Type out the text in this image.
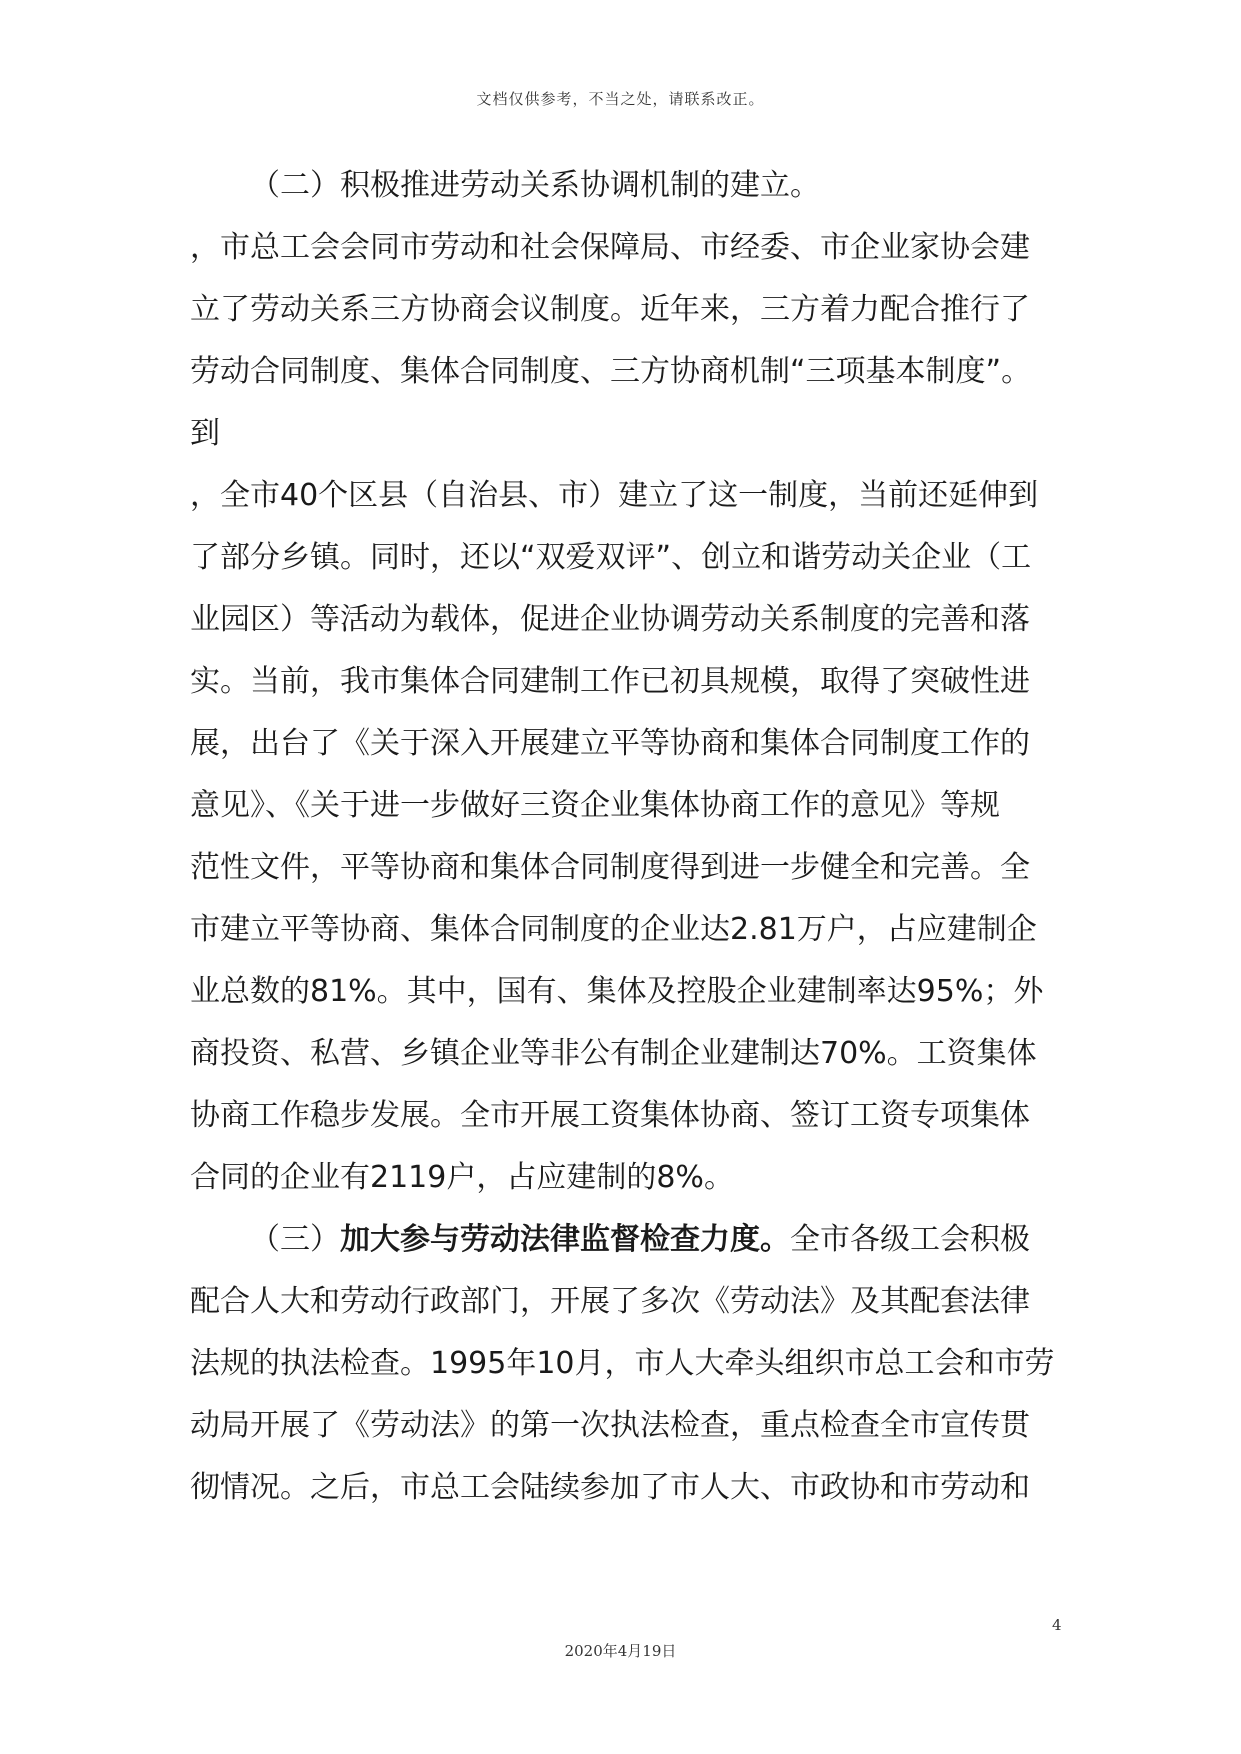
文档仅供参考，不当之处，请联系改正。
（二）积极推进劳动关系协调机制的建立。
，市总工会会同市劳动和社会保障局、市经委、市企业家协会建
立了劳动关系三方协商会议制度。近年来，三方着力配合推行了
劳动合同制度、集体合同制度、三方协商机制“三项基本制度”。
到
，全市40个区县（自治县、市）建立了这一制度，当前还延伸到
了部分乡镇。同时，还以“双爱双评”、创立和谐劳动关企业（工
业园区）等活动为载体，促进企业协调劳动关系制度的完善和落
实。当前，我市集体合同建制工作已初具规模，取得了突破性进
展，出台了《关于深入开展建立平等协商和集体合同制度工作的
意见》、《关于进一步做好三资企业集体协商工作的意见》等规
范性文件，平等协商和集体合同制度得到进一步健全和完善。全
市建立平等协商、集体合同制度的企业达2.81万户，占应建制企
业总数的81%。其中，国有、集体及控股企业建制率达95%；外
商投资、私营、乡镇企业等非公有制企业建制达70%。工资集体
协商工作稳步发展。全市开展工资集体协商、签订工资专项集体
合同的企业有2119户，占应建制的8%。
（三）加大参与劳动法律监督检查力度。全市各级工会积极
配合人大和劳动行政部门，开展了多次《劳动法》及其配套法律
法规的执法检查。1995年10月，市人大牵头组织市总工会和市劳
动局开展了《劳动法》的第一次执法检查，重点检查全市宣传贯
彻情况。之后，市总工会陆续参加了市人大、市政协和市劳动和
4
2020年4月19日
